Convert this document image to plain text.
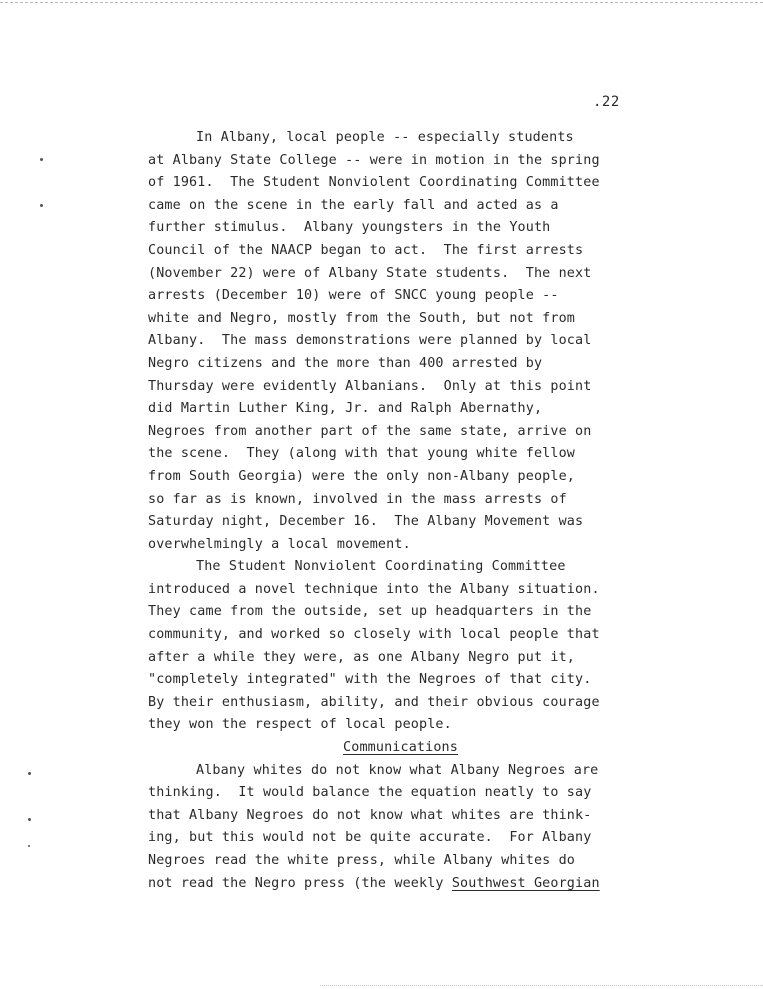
.22
In Albany, local people -- especially students
at Albany State College -- were in motion in the spring
of 1961.  The Student Nonviolent Coordinating Committee
came on the scene in the early fall and acted as a
further stimulus.  Albany youngsters in the Youth
Council of the NAACP began to act.  The first arrests
(November 22) were of Albany State students.  The next
arrests (December 10) were of SNCC young people --
white and Negro, mostly from the South, but not from
Albany.  The mass demonstrations were planned by local
Negro citizens and the more than 400 arrested by
Thursday were evidently Albanians.  Only at this point
did Martin Luther King, Jr. and Ralph Abernathy,
Negroes from another part of the same state, arrive on
the scene.  They (along with that young white fellow
from South Georgia) were the only non-Albany people,
so far as is known, involved in the mass arrests of
Saturday night, December 16.  The Albany Movement was
overwhelmingly a local movement.
The Student Nonviolent Coordinating Committee
introduced a novel technique into the Albany situation.
They came from the outside, set up headquarters in the
community, and worked so closely with local people that
after a while they were, as one Albany Negro put it,
"completely integrated" with the Negroes of that city.
By their enthusiasm, ability, and their obvious courage
they won the respect of local people.
Communications
Albany whites do not know what Albany Negroes are
thinking.  It would balance the equation neatly to say
that Albany Negroes do not know what whites are think-
ing, but this would not be quite accurate.  For Albany
Negroes read the white press, while Albany whites do
not read the Negro press (the weekly Southwest Georgian
